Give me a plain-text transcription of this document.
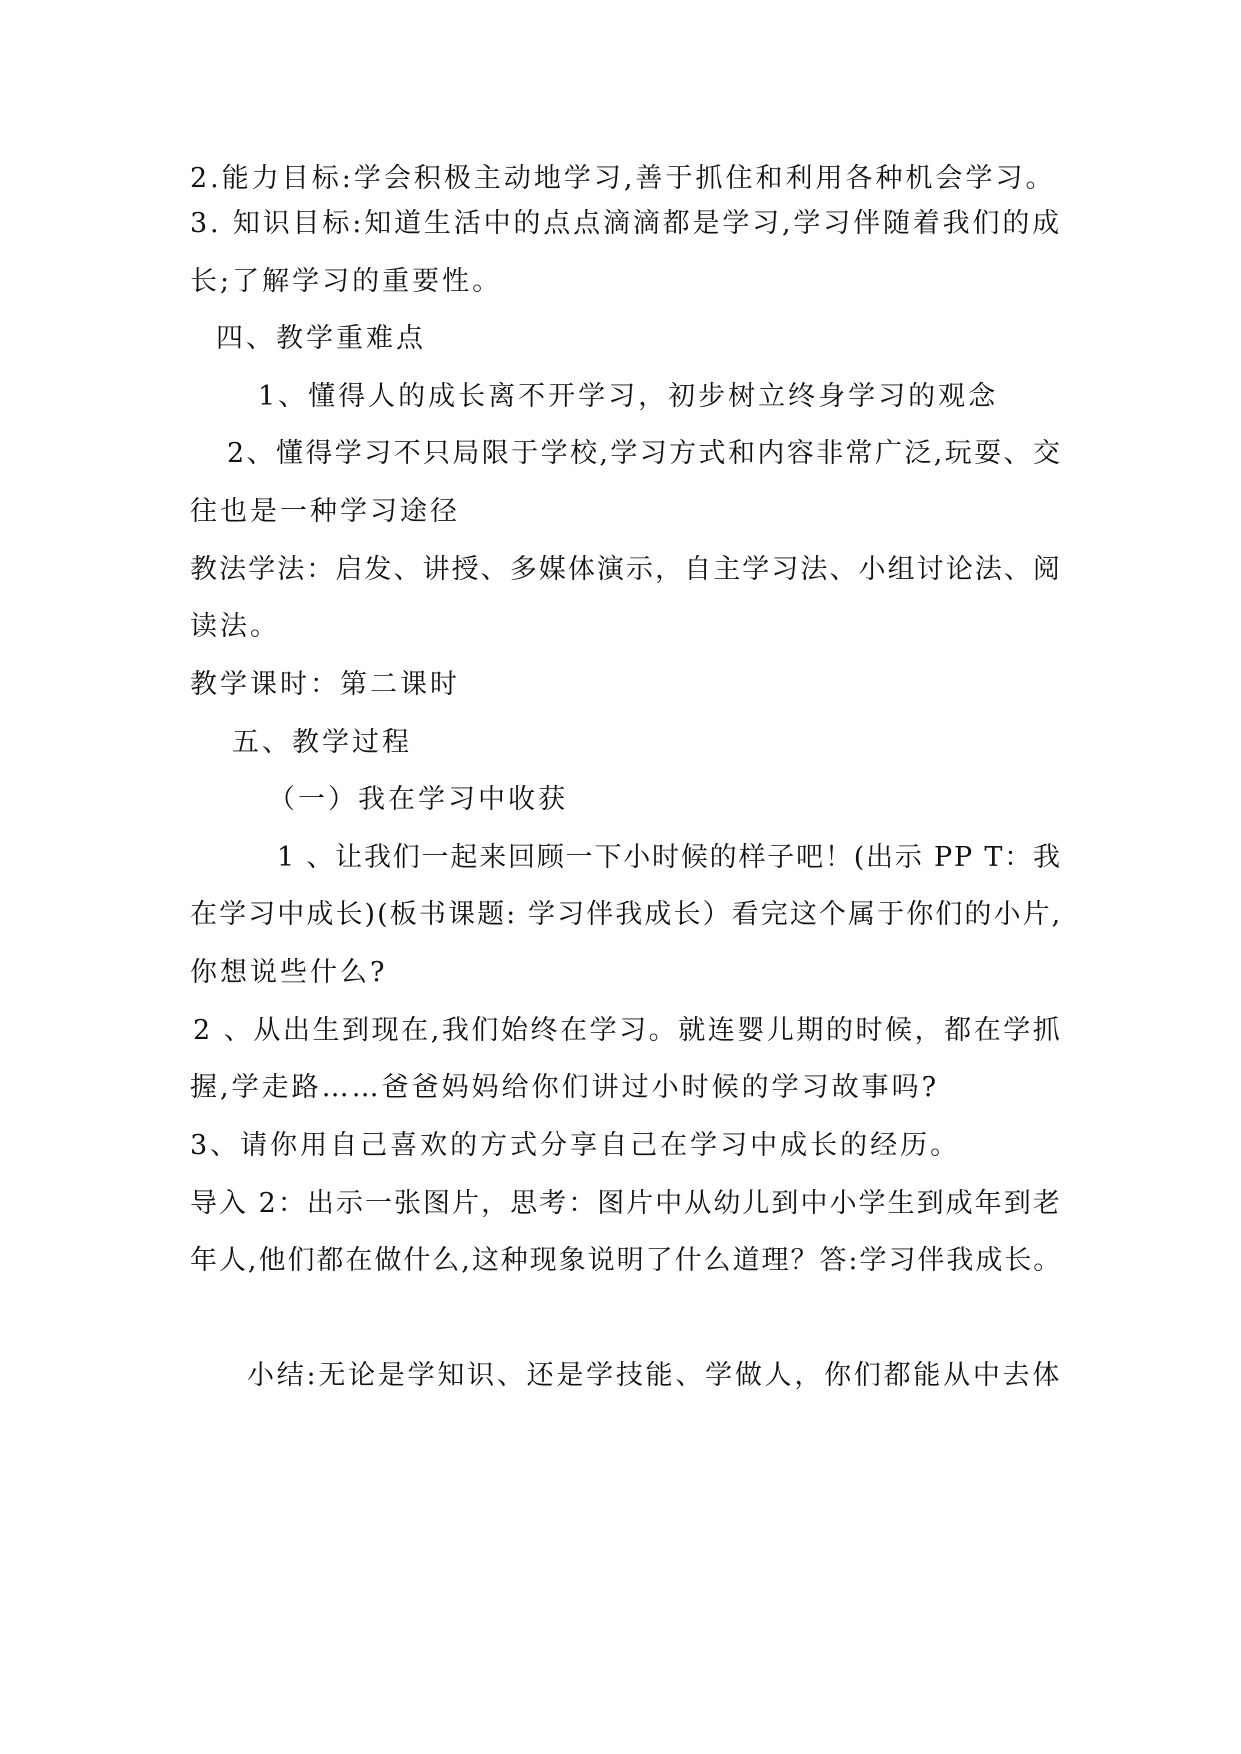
2.能力目标:学会积极主动地学习,善于抓住和利用各种机会学习。
3. 知识目标:知道生活中的点点滴滴都是学习,学习伴随着我们的成
长;了解学习的重要性。
四、教学重难点
1、懂得人的成长离不开学习，初步树立终身学习的观念
2、懂得学习不只局限于学校,学习方式和内容非常广泛,玩耍、交
往也是一种学习途径
教法学法：启发、讲授、多媒体演示，自主学习法、小组讨论法、阅
读法。
教学课时：第二课时
五、教学过程
（一）我在学习中收获
1 、让我们一起来回顾一下小时候的样子吧！(出示 PP T：我
在学习中成长)(板书课题: 学习伴我成长）看完这个属于你们的小片,
你想说些什么?
2 、从出生到现在,我们始终在学习。就连婴儿期的时候，都在学抓
握,学走路……爸爸妈妈给你们讲过小时候的学习故事吗?
3、请你用自己喜欢的方式分享自己在学习中成长的经历。
导入 2：出示一张图片，思考：图片中从幼儿到中小学生到成年到老
年人,他们都在做什么,这种现象说明了什么道理？答:学习伴我成长。
小结:无论是学知识、还是学技能、学做人，你们都能从中去体
